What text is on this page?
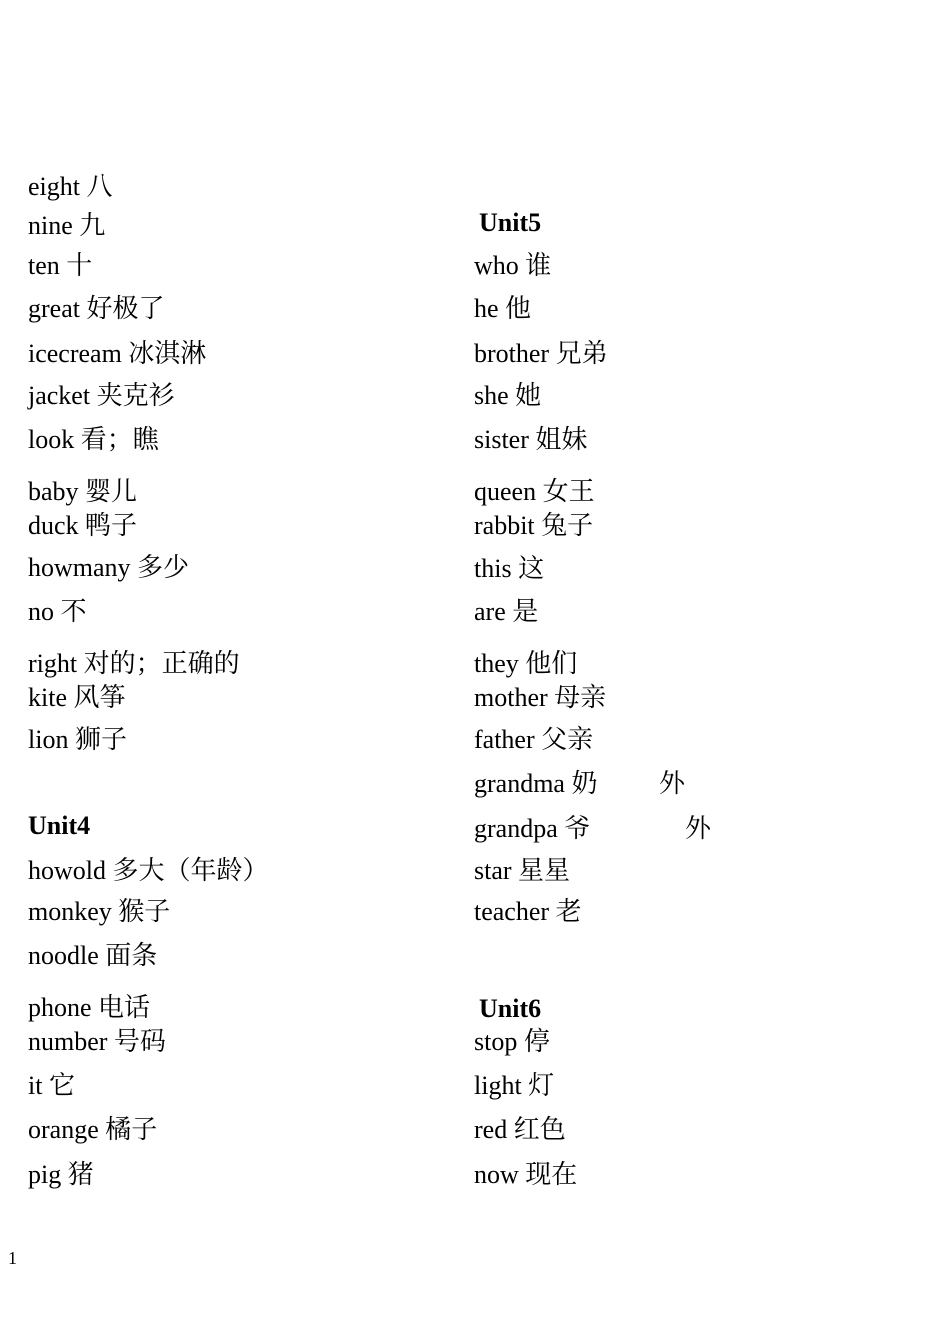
eight 八
nine 九
ten 十
great 好极了
icecream 冰淇淋
jacket 夹克衫
look 看；瞧
baby 婴儿
duck 鸭子
howmany 多少
no 不
right 对的；正确的
kite 风筝
lion 狮子
Unit4
howold 多大（年龄）
monkey 猴子
noodle 面条
phone 电话
number 号码
it 它
orange 橘子
pig 猪
Unit5
who 谁
he 他
brother 兄弟
she 她
sister 姐妹
queen 女王
rabbit 兔子
this 这
are 是
they 他们
mother 母亲
father 父亲
grandma 奶 外
grandpa 爷	外
star 星星
teacher 老
Unit6
stop 停
light 灯
red 红色
now 现在
1
